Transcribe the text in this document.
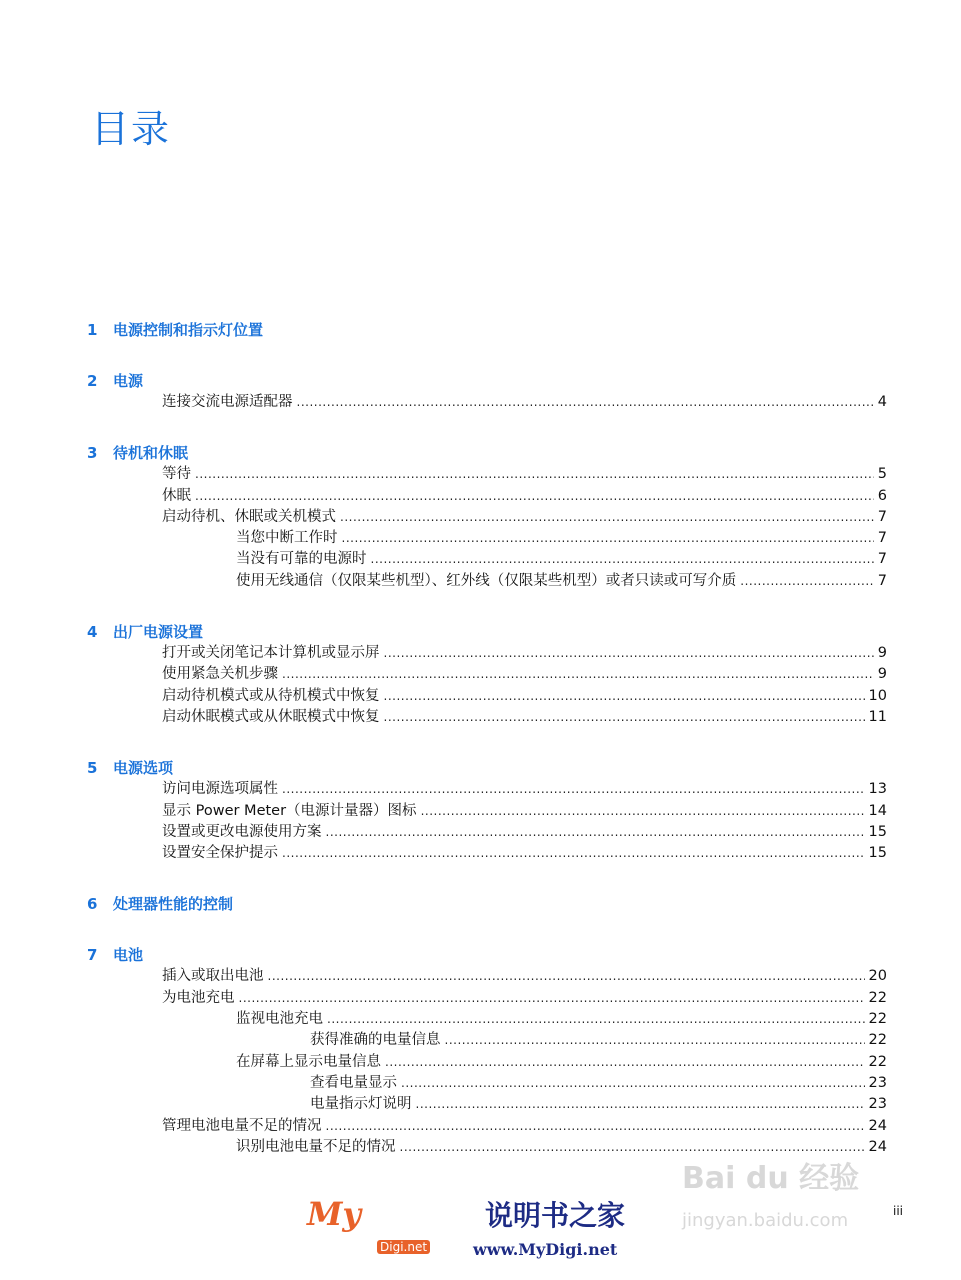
目录
1 电源控制和指示灯位置
2 电源
连接交流电源适配器 .....	4
3 待机和休眠
等待 .....	5
休眠 .....	6
启动待机、休眠或关机模式 .....	7
当您中断工作时 .....	7
当没有可靠的电源时 .....	7
使用无线通信（仅限某些机型）、红外线（仅限某些机型）或者只读或可写介质 .....	7
4 出厂电源设置
打开或关闭笔记本计算机或显示屏 .....	9
使用紧急关机步骤 .....	9
启动待机模式或从待机模式中恢复 .....	10
启动休眠模式或从休眠模式中恢复 .....	11
5 电源选项
访问电源选项属性 .....	13
显示 Power Meter（电源计量器）图标 .....	14
设置或更改电源使用方案 .....	15
设置安全保护提示 .....	15
6 处理器性能的控制
7 电池
插入或取出电池 .....	20
为电池充电 .....	22
监视电池充电 .....	22
获得准确的电量信息 .....	22
在屏幕上显示电量信息 .....	22
查看电量显示 .....	23
电量指示灯说明 .....	23
管理电池电量不足的情况 .....	24
识别电池电量不足的情况 .....	24
iii
My
Digi.net
说明书之家
www.MyDigi.net
Bai du 经验
jingyan.baidu.com
